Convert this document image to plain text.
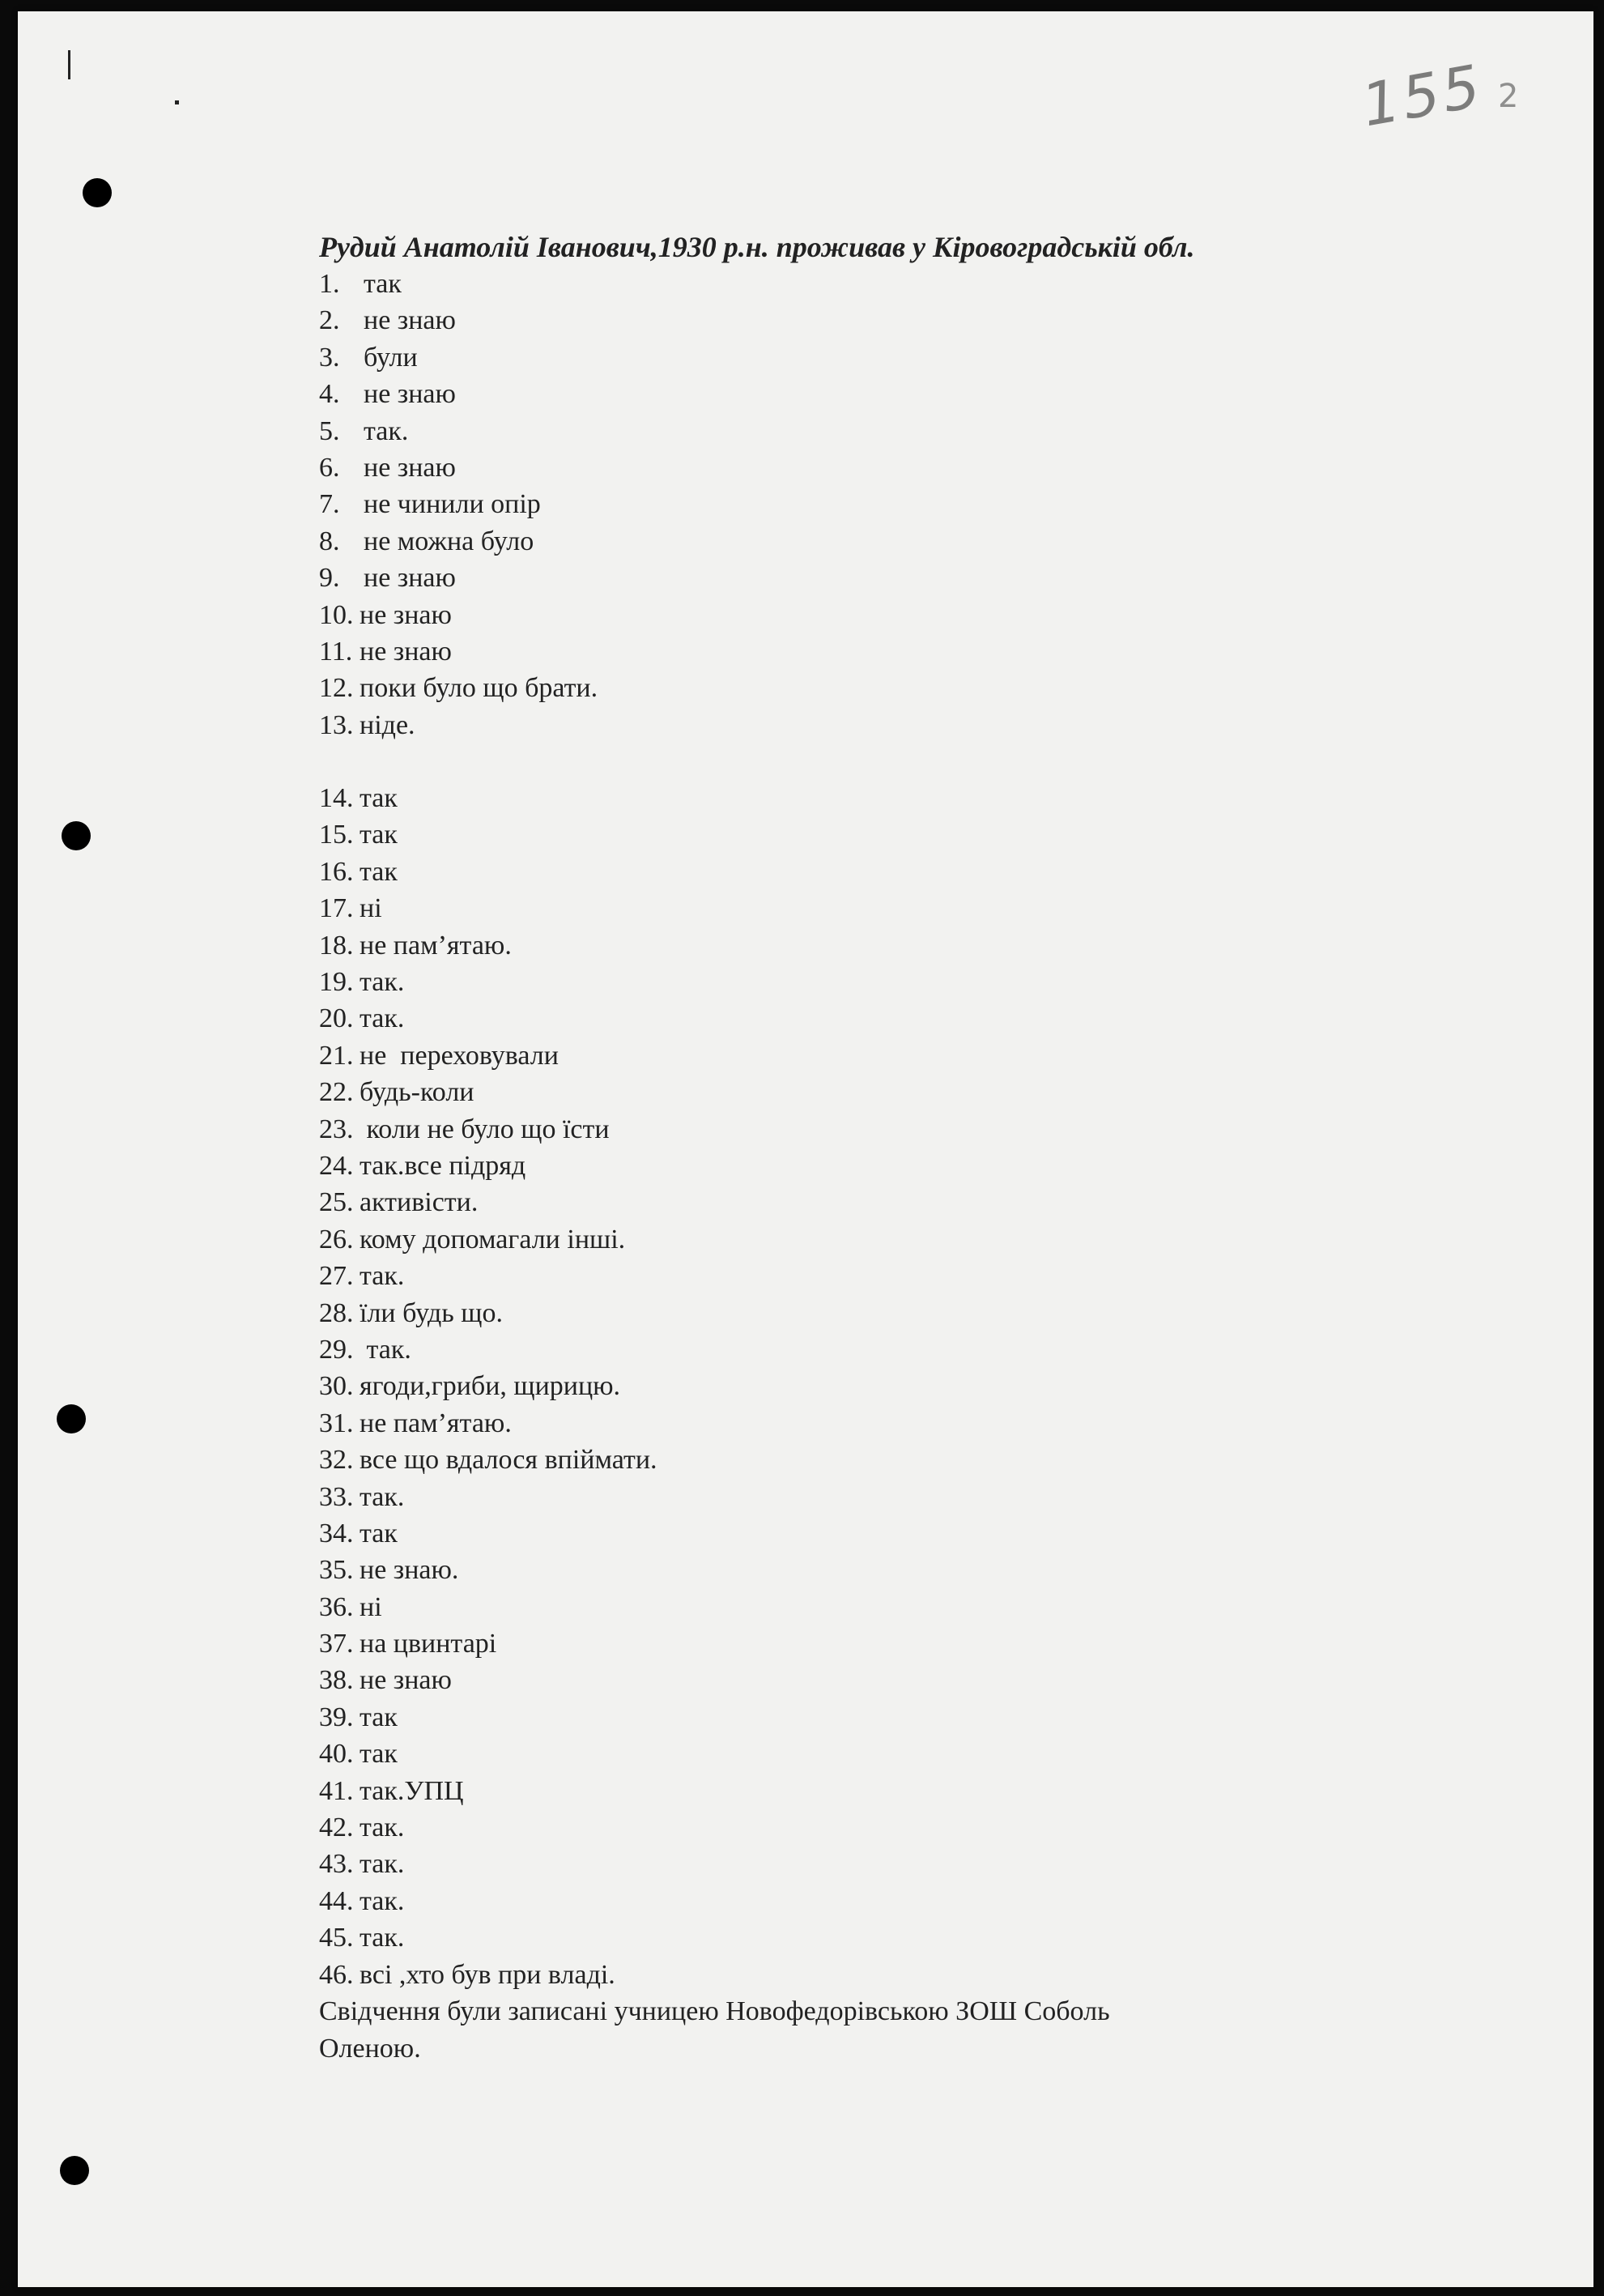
155 2
Рудий Анатолій Іванович,1930 р.н. проживав у Кіровоградській обл.
1. так
2. не знаю
3. були
4. не знаю
5. так.
6. не знаю
7. не чинили опір
8. не можна було
9. не знаю
10. не знаю
11. не знаю
12. поки було що брати.
13. ніде.
14. так
15. так
16. так
17. ні
18. не пам’ятаю.
19. так.
20. так.
21. не  переховували
22. будь-коли
23. коли не було що їсти
24. так.все підряд
25. активісти.
26. кому допомагали інші.
27. так.
28. їли будь що.
29. так.
30. ягоди,гриби, щирицю.
31. не пам’ятаю.
32. все що вдалося впіймати.
33. так.
34. так
35. не знаю.
36. ні
37. на цвинтарі
38. не знаю
39. так
40. так
41. так.УПЦ
42. так.
43. так.
44. так.
45. так.
46. всі ,хто був при владі.
Свідчення були записані учницею Новофедорівською ЗОШ Соболь
Оленою.
